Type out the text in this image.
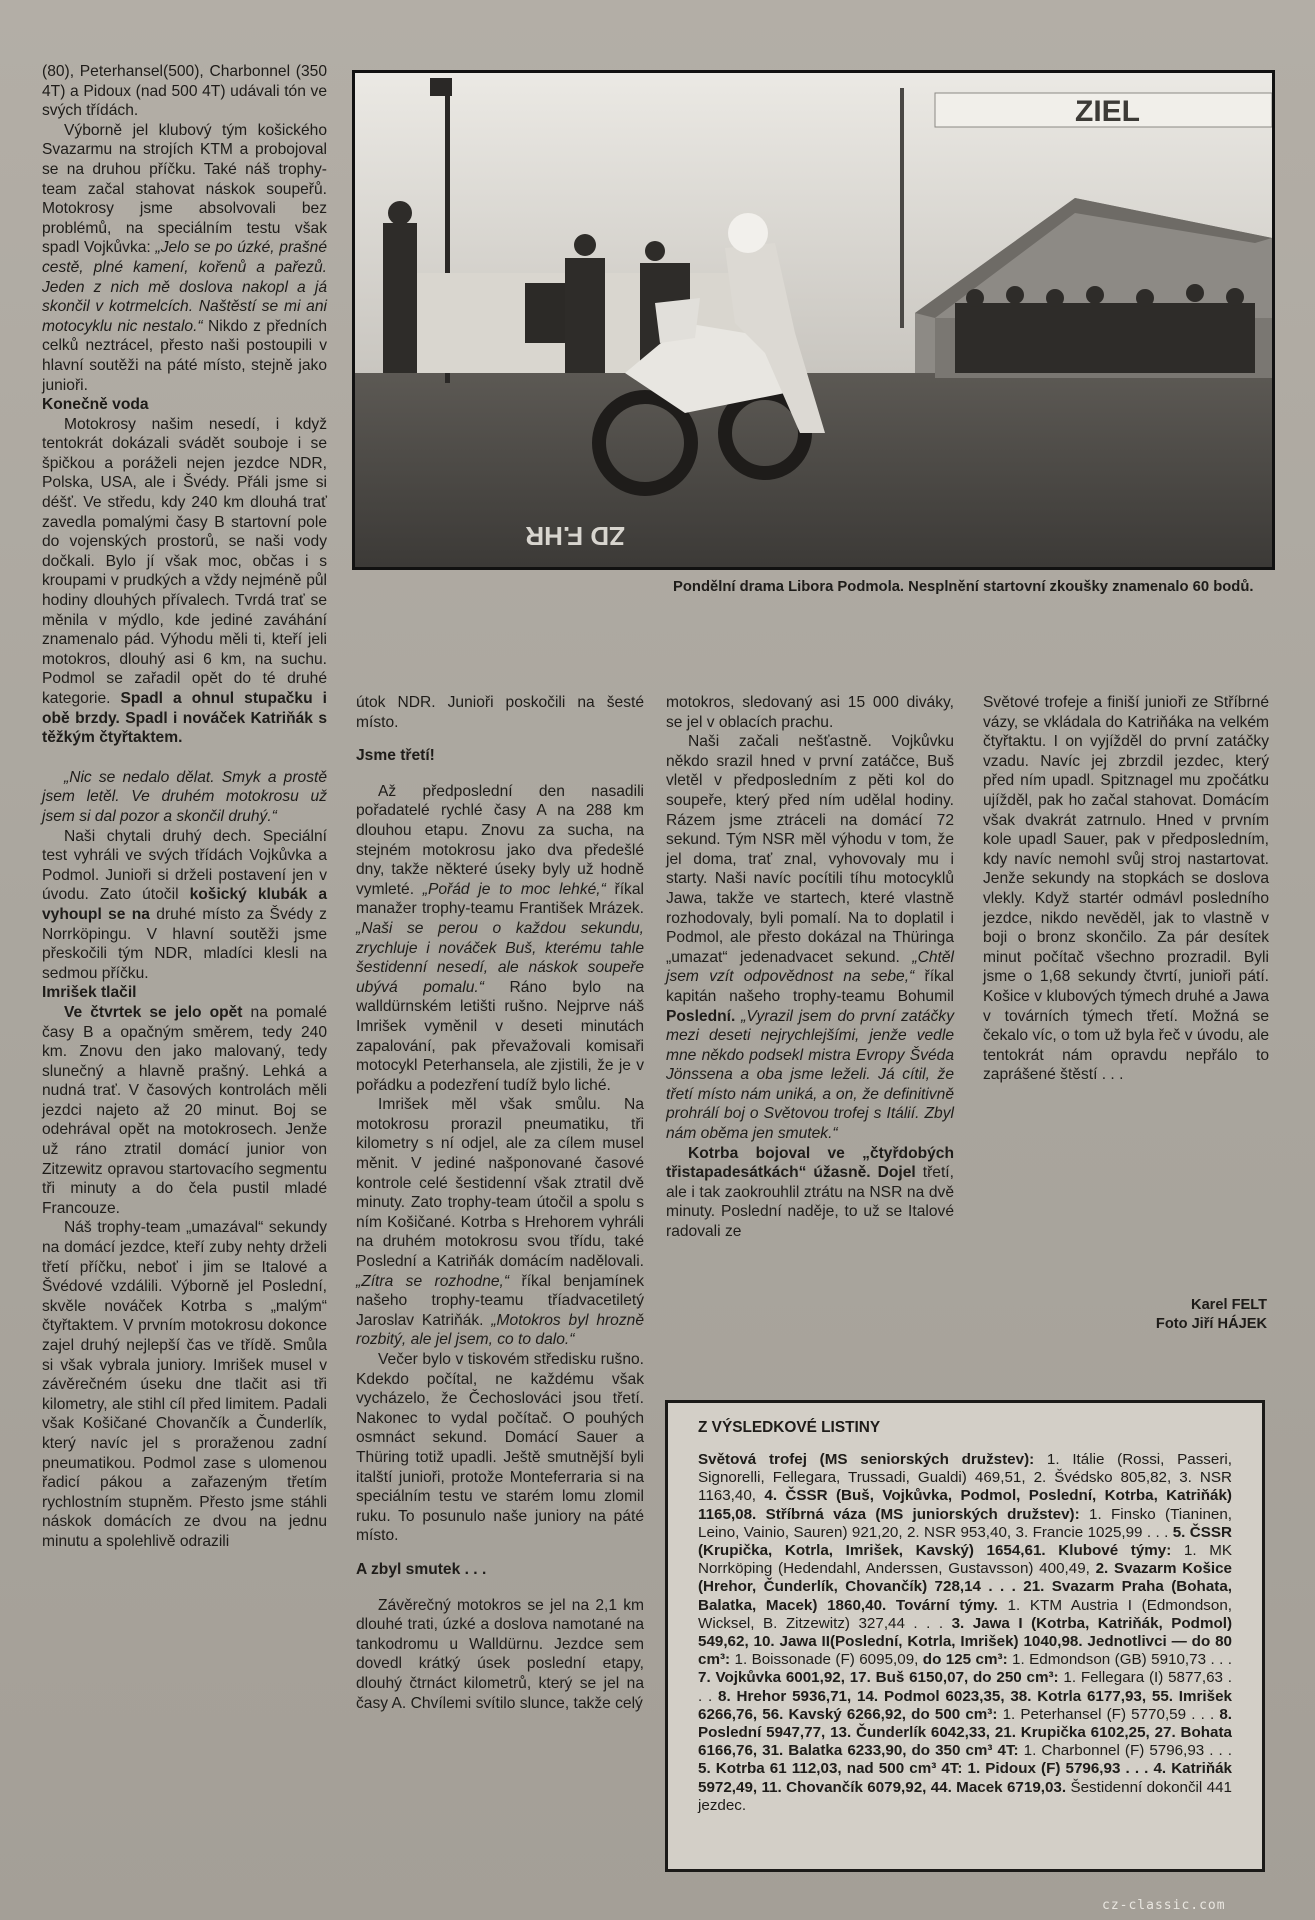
(80), Peterhansel(500), Charbonnel (350 4T) a Pidoux (nad 500 4T) udávali tón ve svých třídách.

Výborně jel klubový tým košického Svazarmu na strojích KTM a probojoval se na druhou příčku. Také náš trophy-team začal stahovat náskok soupeřů. Motokrosy jsme absolvovali bez problémů, na speciálním testu však spadl Vojkůvka: „Jelo se po úzké, prašné cestě, plné kamení, kořenů a pařezů. Jeden z nich mě doslova nakopl a já skončil v kotrmelcích. Naštěstí se mi ani motocyklu nic nestalo.“ Nikdo z předních celků neztrácel, přesto naši postoupili v hlavní soutěži na páté místo, stejně jako junioři.

Konečně voda

Motokrosy našim nesedí, i když tentokrát dokázali svádět souboje i se špičkou a poráželi nejen jezdce NDR, Polska, USA, ale i Švédy. Přáli jsme si déšť. Ve středu, kdy 240 km dlouhá trať zavedla pomalými časy B startovní pole do vojenských prostorů, se naši vody dočkali. Bylo jí však moc, občas i s kroupami v prudkých a vždy nejméně půl hodiny dlouhých přívalech. Tvrdá trať se měnila v mýdlo, kde jediné zaváhání znamenalo pád. Výhodu měli ti, kteří jeli motokros, dlouhý asi 6 km, na suchu. Podmol se zařadil opět do té druhé kategorie. Spadl a ohnul stupačku i obě brzdy. Spadl i nováček Katriňák s těžkým čtyřtaktem.

„Nic se nedalo dělat. Smyk a prostě jsem letěl. Ve druhém motokrosu už jsem si dal pozor a skončil druhý.“

Naši chytali druhý dech. Speciální test vyhráli ve svých třídách Vojkůvka a Podmol. Junioři si drželi postavení jen v úvodu. Zato útočil košický klubák a vyhoupl se na druhé místo za Švédy z Norrköpingu. V hlavní soutěži jsme přeskočili tým NDR, mladíci klesli na sedmou příčku.

Imrišek tlačil

Ve čtvrtek se jelo opět na pomalé časy B a opačným směrem, tedy 240 km. Znovu den jako malovaný, tedy slunečný a hlavně prašný. Lehká a nudná trať. V časových kontrolách měli jezdci najeto až 20 minut. Boj se odehrával opět na motokrosech. Jenže už ráno ztratil domácí junior von Zitzewitz opravou startovacího segmentu tři minuty a do čela pustil mladé Francouze.

Náš trophy-team „umazával“ sekundy na domácí jezdce, kteří zuby nehty drželi třetí příčku, neboť i jim se Italové a Švédové vzdálili. Výborně jel Poslední, skvěle nováček Kotrba s „malým“ čtyřtaktem. V prvním motokrosu dokonce zajel druhý nejlepší čas ve třídě. Smůla si však vybrala juniory. Imrišek musel v závěrečném úseku dne tlačit asi tři kilometry, ale stihl cíl před limitem. Padali však Košičané Chovančík a Čunderlík, který navíc jel s proraženou zadní pneumatikou. Podmol zase s ulomenou řadicí pákou a zařazeným třetím rychlostním stupněm. Přesto jsme stáhli náskok domácích ze dvou na jednu minutu a spolehlivě odrazili

ZIEL
ZD F.HR
Pondělní drama Libora Podmola. Nesplnění startovní zkoušky znamenalo 60 bodů.

útok NDR. Junioři poskočili na šesté místo.

Jsme třetí!

Až předposlední den nasadili pořadatelé rychlé časy A na 288 km dlouhou etapu. Znovu za sucha, na stejném motokrosu jako dva předešlé dny, takže některé úseky byly už hodně vymleté. „Pořád je to moc lehké,“ říkal manažer trophy-teamu František Mrázek. „Naši se perou o každou sekundu, zrychluje i nováček Buš, kterému tahle šestidenní nesedí, ale náskok soupeře ubývá pomalu.“ Ráno bylo na walldürnském letišti rušno. Nejprve náš Imrišek vyměnil v deseti minutách zapalování, pak převažovali komisaři motocykl Peterhansela, ale zjistili, že je v pořádku a podezření tudíž bylo liché.

Imrišek měl však smůlu. Na motokrosu prorazil pneumatiku, tři kilometry s ní odjel, ale za cílem musel měnit. V jediné našponované časové kontrole celé šestidenní však ztratil dvě minuty. Zato trophy-team útočil a spolu s ním Košičané. Kotrba s Hrehorem vyhráli na druhém motokrosu svou třídu, také Poslední a Katriňák domácím nadělovali. „Zítra se rozhodne,“ říkal benjamínek našeho trophy-teamu tříadvacetiletý Jaroslav Katriňák. „Motokros byl hrozně rozbitý, ale jel jsem, co to dalo.“

Večer bylo v tiskovém středisku rušno. Kdekdo počítal, ne každému však vycházelo, že Čechoslováci jsou třetí. Nakonec to vydal počítač. O pouhých osmnáct sekund. Domácí Sauer a Thüring totiž upadli. Ještě smutnější byli italští junioři, protože Monteferraria si na speciálním testu ve starém lomu zlomil ruku. To posunulo naše juniory na páté místo.

A zbyl smutek . . .

Závěrečný motokros se jel na 2,1 km dlouhé trati, úzké a doslova namotané na tankodromu u Walldürnu. Jezdce sem dovedl krátký úsek poslední etapy, dlouhý čtrnáct kilometrů, který se jel na časy A. Chvílemi svítilo slunce, takže celý

motokros, sledovaný asi 15 000 diváky, se jel v oblacích prachu.

Naši začali nešťastně. Vojkůvku někdo srazil hned v první zatáčce, Buš vletěl v předposledním z pěti kol do soupeře, který před ním udělal hodiny. Rázem jsme ztráceli na domácí 72 sekund. Tým NSR měl výhodu v tom, že jel doma, trať znal, vyhovovaly mu i starty. Naši navíc pocítili tíhu motocyklů Jawa, takže ve startech, které vlastně rozhodovaly, byli pomalí. Na to doplatil i Podmol, ale přesto dokázal na Thüringa „umazat“ jedenadvacet sekund. „Chtěl jsem vzít odpovědnost na sebe,“ říkal kapitán našeho trophy-teamu Bohumil Poslední. „Vyrazil jsem do první zatáčky mezi deseti nejrychlejšími, jenže vedle mne někdo podsekl mistra Evropy Švéda Jönssena a oba jsme leželi. Já cítil, že třetí místo nám uniká, a on, že definitivně prohrálí boj o Světovou trofej s Itálií. Zbyl nám oběma jen smutek.“

Kotrba bojoval ve „čtyřdobých třistapadesátkách“ úžasně. Dojel třetí, ale i tak zaokrouhlil ztrátu na NSR na dvě minuty. Poslední naděje, to už se Italové radovali ze

Světové trofeje a finiší junioři ze Stříbrné vázy, se vkládala do Katriňáka na velkém čtyřtaktu. I on vyjížděl do první zatáčky vzadu. Navíc jej zbrzdil jezdec, který před ním upadl. Spitznagel mu zpočátku ujížděl, pak ho začal stahovat. Domácím však dvakrát zatrnulo. Hned v prvním kole upadl Sauer, pak v předposledním, kdy navíc nemohl svůj stroj nastartovat. Jenže sekundy na stopkách se doslova vlekly. Když startér odmávl posledního jezdce, nikdo nevěděl, jak to vlastně v boji o bronz skončilo. Za pár desítek minut počítač všechno prozradil. Byli jsme o 1,68 sekundy čtvrtí, junioři pátí. Košice v klubových týmech druhé a Jawa v továrních týmech třetí. Možná se čekalo víc, o tom už byla řeč v úvodu, ale tentokrát nám opravdu nepřálo to zaprášené štěstí . . .

Karel FELT
Foto Jiří HÁJEK
Z VÝSLEDKOVÉ LISTINY
Světová trofej (MS seniorských družstev): 1. Itálie (Rossi, Passeri, Signorelli, Fellegara, Trussadi, Gualdi) 469,51, 2. Švédsko 805,82, 3. NSR 1163,40, 4. ČSSR (Buš, Vojkůvka, Podmol, Poslední, Kotrba, Katriňák) 1165,08. Stříbrná váza (MS juniorských družstev): 1. Finsko (Tianinen, Leino, Vainio, Sauren) 921,20, 2. NSR 953,40, 3. Francie 1025,99 . . . 5. ČSSR (Krupička, Kotrla, Imrišek, Kavský) 1654,61. Klubové týmy: 1. MK Norrköping (Hedendahl, Anderssen, Gustavsson) 400,49, 2. Svazarm Košice (Hrehor, Čunderlík, Chovančík) 728,14 . . . 21. Svazarm Praha (Bohata, Balatka, Macek) 1860,40. Tovární týmy. 1. KTM Austria I (Edmondson, Wicksel, B. Zitzewitz) 327,44 . . . 3. Jawa I (Kotrba, Katriňák, Podmol) 549,62, 10. Jawa II(Poslední, Kotrla, Imrišek) 1040,98. Jednotlivci — do 80 cm³: 1. Boissonade (F) 6095,09, do 125 cm³: 1. Edmondson (GB) 5910,73 . . . 7. Vojkůvka 6001,92, 17. Buš 6150,07, do 250 cm³: 1. Fellegara (I) 5877,63 . . . 8. Hrehor 5936,71, 14. Podmol 6023,35, 38. Kotrla 6177,93, 55. Imrišek 6266,76, 56. Kavský 6266,92, do 500 cm³: 1. Peterhansel (F) 5770,59 . . . 8. Poslední 5947,77, 13. Čunderlík 6042,33, 21. Krupička 6102,25, 27. Bohata 6166,76, 31. Balatka 6233,90, do 350 cm³ 4T: 1. Charbonnel (F) 5796,93 . . . 5. Kotrba 61 112,03, nad 500 cm³ 4T: 1. Pidoux (F) 5796,93 . . . 4. Katriňák 5972,49, 11. Chovančík 6079,92, 44. Macek 6719,03. Šestidenní dokončil 441 jezdec.
cz-classic.com
